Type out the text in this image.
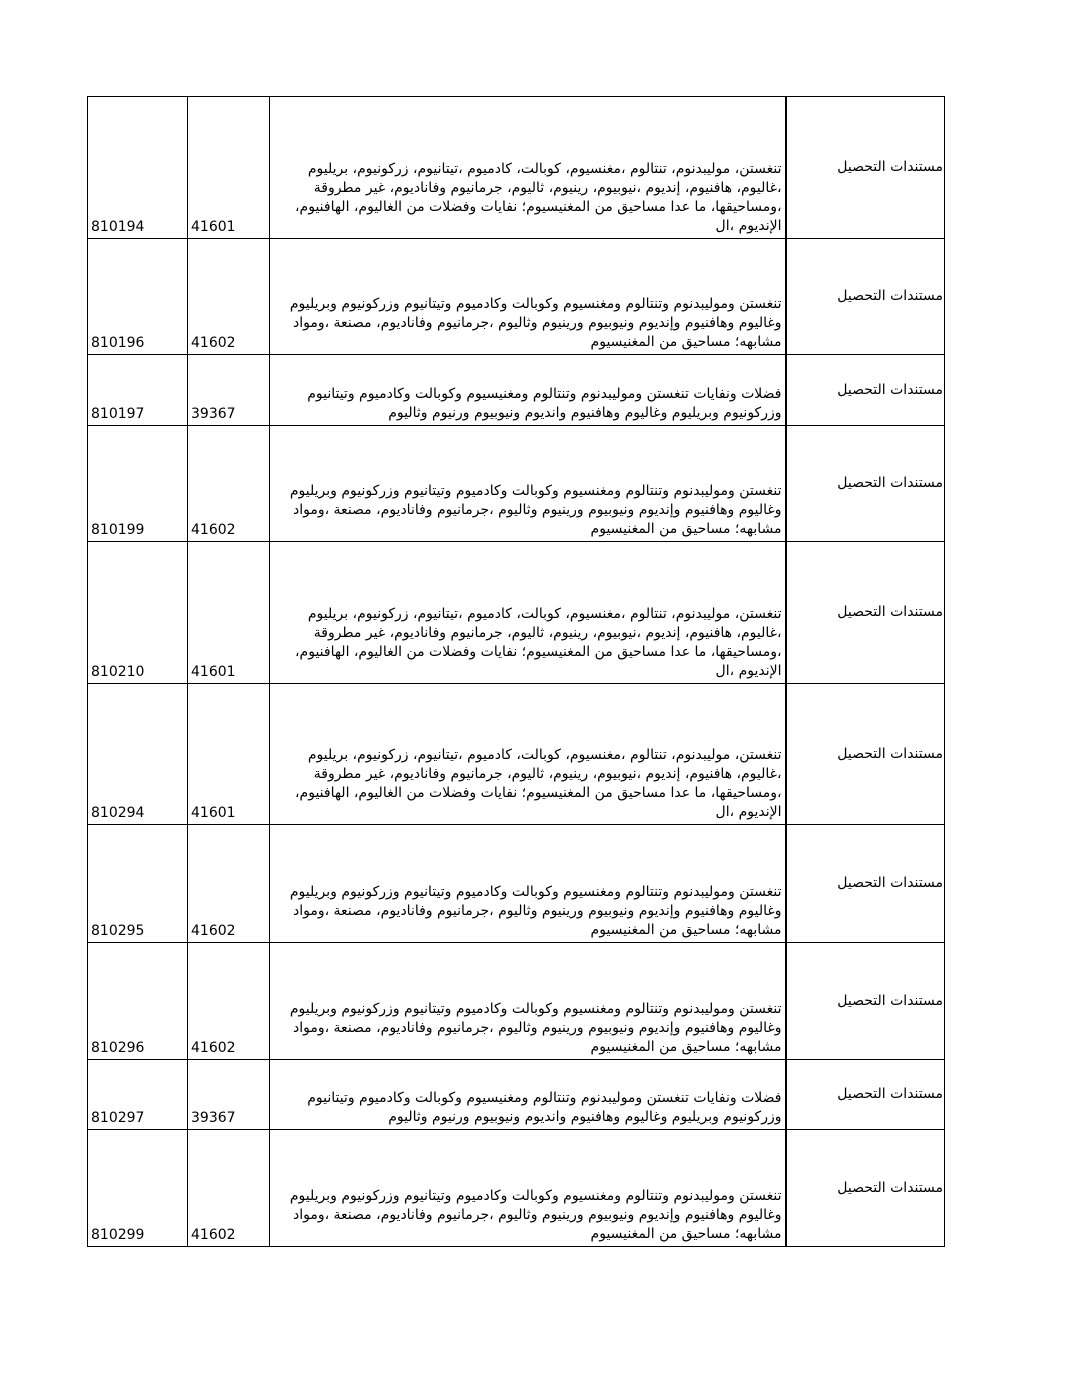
810194	41601	تنغستن، موليبدنوم، تنتالوم ،مغنسيوم، كوبالت، كادميوم ،تيتانيوم، زركونيوم، بريليوم ،غاليوم، هافنيوم، إنديوم ،نيوبيوم، رينيوم، ثاليوم، جرمانيوم وفاناديوم، غير مطروقة ،ومساحيقها، ما عدا مساحيق من المغنيسيوم؛ نفايات وفضلات من الغاليوم، الهافنيوم، الإنديوم ،ال	مستندات التحصيل
810196	41602	تنغستن وموليبدنوم وتنتالوم ومغنسيوم وكوبالت وكادميوم وتيتانيوم وزركونيوم وبريليوم وغاليوم وهافنيوم وإنديوم ونيوبيوم ورينيوم وثاليوم ،جرمانيوم وفاناديوم، مصنعة ،ومواد مشابهه؛ مساحيق من المغنيسيوم	مستندات التحصيل
810197	39367	فضلات ونفايات تنغستن وموليبدنوم وتنتالوم ومغنيسيوم وكوبالت وكادميوم وتيتانيوم وزركونيوم وبريليوم وغاليوم وهافنيوم وانديوم ونيوبيوم ورنيوم وثاليوم	مستندات التحصيل
810199	41602	تنغستن وموليبدنوم وتنتالوم ومغنسيوم وكوبالت وكادميوم وتيتانيوم وزركونيوم وبريليوم وغاليوم وهافنيوم وإنديوم ونيوبيوم ورينيوم وثاليوم ،جرمانيوم وفاناديوم، مصنعة ،ومواد مشابهه؛ مساحيق من المغنيسيوم	مستندات التحصيل
810210	41601	تنغستن، موليبدنوم، تنتالوم ،مغنسيوم، كوبالت، كادميوم ،تيتانيوم، زركونيوم، بريليوم ،غاليوم، هافنيوم، إنديوم ،نيوبيوم، رينيوم، ثاليوم، جرمانيوم وفاناديوم، غير مطروقة ،ومساحيقها، ما عدا مساحيق من المغنيسيوم؛ نفايات وفضلات من الغاليوم، الهافنيوم، الإنديوم ،ال	مستندات التحصيل
810294	41601	تنغستن، موليبدنوم، تنتالوم ،مغنسيوم، كوبالت، كادميوم ،تيتانيوم، زركونيوم، بريليوم ،غاليوم، هافنيوم، إنديوم ،نيوبيوم، رينيوم، ثاليوم، جرمانيوم وفاناديوم، غير مطروقة ،ومساحيقها، ما عدا مساحيق من المغنيسيوم؛ نفايات وفضلات من الغاليوم، الهافنيوم، الإنديوم ،ال	مستندات التحصيل
810295	41602	تنغستن وموليبدنوم وتنتالوم ومغنسيوم وكوبالت وكادميوم وتيتانيوم وزركونيوم وبريليوم وغاليوم وهافنيوم وإنديوم ونيوبيوم ورينيوم وثاليوم ،جرمانيوم وفاناديوم، مصنعة ،ومواد مشابهه؛ مساحيق من المغنيسيوم	مستندات التحصيل
810296	41602	تنغستن وموليبدنوم وتنتالوم ومغنسيوم وكوبالت وكادميوم وتيتانيوم وزركونيوم وبريليوم وغاليوم وهافنيوم وإنديوم ونيوبيوم ورينيوم وثاليوم ،جرمانيوم وفاناديوم، مصنعة ،ومواد مشابهه؛ مساحيق من المغنيسيوم	مستندات التحصيل
810297	39367	فضلات ونفايات تنغستن وموليبدنوم وتنتالوم ومغنيسيوم وكوبالت وكادميوم وتيتانيوم وزركونيوم وبريليوم وغاليوم وهافنيوم وانديوم ونيوبيوم ورنيوم وثاليوم	مستندات التحصيل
810299	41602	تنغستن وموليبدنوم وتنتالوم ومغنسيوم وكوبالت وكادميوم وتيتانيوم وزركونيوم وبريليوم وغاليوم وهافنيوم وإنديوم ونيوبيوم ورينيوم وثاليوم ،جرمانيوم وفاناديوم، مصنعة ،ومواد مشابهه؛ مساحيق من المغنيسيوم	مستندات التحصيل
